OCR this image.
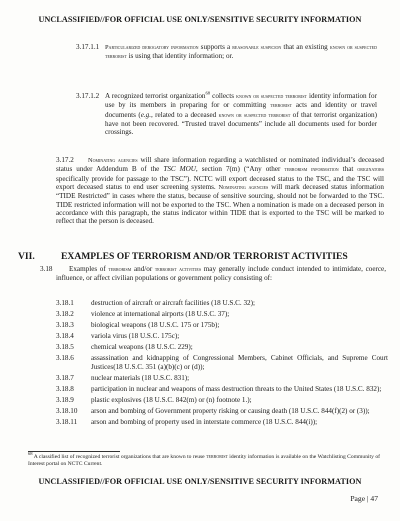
UNCLASSIFIED//FOR OFFICIAL USE ONLY/SENSITIVE SECURITY INFORMATION
3.17.1.1 Particularized derogatory information supports a reasonable suspicion that an existing known or suspected terrorist is using that identity information; or.
3.17.1.2 A recognized terrorist organization$^{68}$ collects known or suspected terrorist identity information for use by its members in preparing for or committing terrorist acts and identity or travel documents (e.g., related to a deceased known or suspected terrorist of that terrorist organization) have not been recovered. “Trusted travel documents” include all documents used for border crossings.
3.17.2	Nominating agencies will share information regarding a watchlisted or nominated individual’s deceased status under Addendum B of the TSC MOU, section 7(m) (“Any other terrorism information that originators specifically provide for passage to the TSC”). NCTC will export deceased status to the TSC, and the TSC will export deceased status to end user screening systems. Nominating agencies will mark deceased status information “TIDE Restricted” in cases where the status, because of sensitive sourcing, should not be forwarded to the TSC. TIDE restricted information will not be exported to the TSC. When a nomination is made on a deceased person in accordance with this paragraph, the status indicator within TIDE that is exported to the TSC will be marked to reflect that the person is deceased.
VII.	EXAMPLES OF TERRORISM AND/OR TERRORIST ACTIVITIES
3.18	Examples of terrorism and/or terrorist activities may generally include conduct intended to intimidate, coerce, influence, or affect civilian populations or government policy consisting of:
3.18.1 destruction of aircraft or aircraft facilities (18 U.S.C. 32);
3.18.2 violence at international airports (18 U.S.C. 37);
3.18.3 biological weapons (18 U.S.C. 175 or 175b);
3.18.4 variola virus (18 U.S.C. 175c);
3.18.5 chemical weapons (18 U.S.C. 229);
3.18.6 assassination and kidnapping of Congressional Members, Cabinet Officials, and Supreme Court Justices(18 U.S.C. 351 (a)(b)(c) or (d));
3.18.7 nuclear materials (18 U.S.C. 831);
3.18.8 participation in nuclear and weapons of mass destruction threats to the United States (18 U.S.C. 832);
3.18.9 plastic explosives (18 U.S.C. 842(m) or (n) footnote 1.);
3.18.10 arson and bombing of Government property risking or causing death (18 U.S.C. 844(f)(2) or (3));
3.18.11 arson and bombing of property used in interstate commerce (18 U.S.C. 844(i));
$^{68}$ A classified list of recognized terrorist organizations that are known to reuse terrorist identity information is available on the Watchlisting Community of Interest portal on NCTC Current.
UNCLASSIFIED//FOR OFFICIAL USE ONLY/SENSITIVE SECURITY INFORMATION
Page | 47
